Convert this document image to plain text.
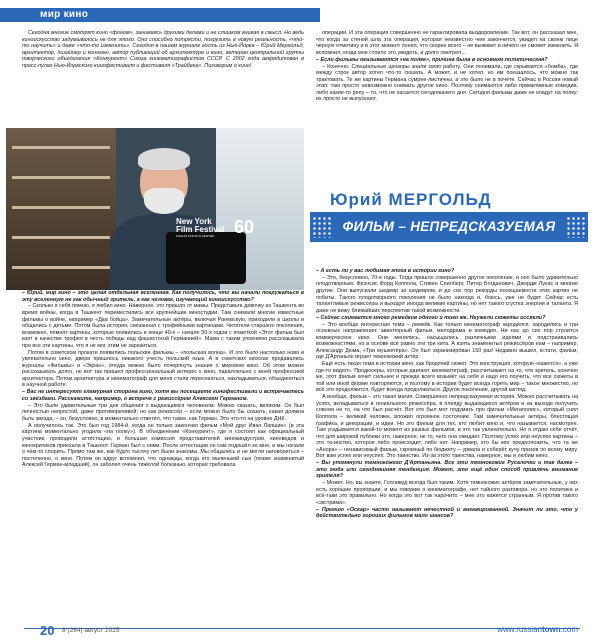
мир кино

Сегодня многие смотрят кино «фоном», занимаясь другими делами и не слишком вникая в смысл. Но ведь киноискусство задумывалось не для этого. Оно способно потрясти, погрузить в новую реальность, «что-то научить» и даже «что-то изменить». Сегодня в нашем журнале гость из Нью-Йорка – Юрий Мерголъд, архитектор, дизайнер и киноман, автор публикаций об архитектуре и кино, ветеран центральной группы творческого объединения «Конкурент» Союза кинематографистов СССР. С 2002 года аккредитован в пресс-пулах Нью-Йоркского кинофестиваля и фестиваля «Трайбека». Поговорим о кино!

операции. И эта операция совершенно не гарантировала выздоровление. Так вот, он рассказал мне, что когда за стеной шла эта операция, которая неизвестно чем закончится, увидел на своем лице черную отметину и в этот момент понял, что скорее всего – не выживет и ничего не сможет изменить. Я вспомнил, когда мне стоило это увидеть, и долго смотрел…

– Если фильмы оказываются «на полке», причина была в основном политическая?

– Конечно. Специальные цензоры знали свою работу. Они понимали, где скрывается «бомба», где между строк автор хотел что-то сказать. А может, и не хотел, но им показалось, что можно так трактовать. Те же картины Германа сумрее-листичны, а это было не в почёте. Сейчас в России новый этап: там просто невозможно снимать другое кино. Поэтому снимаются либо примитивные комедии, либо какие-то репу – то, что не касается сегодняшнего дня. Сегодня фильмы даже не кладут на полку: их просто не выпускают.

New York
Film Festival 60
FILM AT LINCOLN CENTER
Юрий МЕРГОЛЬД
ФИЛЬМ – НЕПРЕДСКАЗУЕМАЯ ИСТОРИЯ

– Юрий, мир кино – это целая отдельная вселенная. Как получилось, что вы начали погружаться в эту вселенную не как обычный зритель, а как человек, изучающий киноискусство?

– Сколько я себя помню, я любил кино. Наверное, это пришло от мамы. Представьте девочку из Ташкента во время войны, когда в Ташкент переместились все крупнейшие киностудии. Там снимали многие известные фильмы о войне, например «Два бойца». Замечательные актёры, включая Раневскую, приходили в школы и общались с детьми. Потом была история, связанная с трофейными картинами. Читатели старшего поколения, возможно, помнят картины, которые появились в конце 40-х – начале 50-х годов с пометкой «Этот фильм был взят в качестве трофея в честь победы над фашистской Германией». Мама с таким упоением рассказывала про все эти картины, что я не мог этим не заразиться.

Потом в советском прокате появились польские фильмы – «польская волна». И это было настолько ново и увлекательно кино, двери пришлось никакого учесть польский язык. А в советских киосках продавались журналы «Фильмы» и «Экран», откуда можно было почерпнуть знания о мировом кино. Об этом можно рассказывать долго, но вот так пришел профессиональный интерес к кино, параллельно с моей профессией архитектора. Потом архитектура и кинематограф для меня стали пересекаться, накладываться, объединяться в научной работе.

– Вас не интересуют гламурная сторона кино, хотя вы посещаете кинофестивали и встречаетесь со звёздами. Расскажите, например, о встрече с режиссёром Алексеем Германом.

– Это были удивительные три дня общения с выдающимся человеком. Можно сказать, великим. Он был личностью непростой, даже противоречивой; но как режиссёр – если можно было бы сказать, какая должна быть звезда, – он, безусловно, в моментально ответил, что такие, как Герман. Это что-то на уровне ДНК.

А получилось так. Это был год 1984-й, когда он только закончил фильм «Мой друг Иван Лапшин» (и эта картина моментально угодила «на полку»). В объединении «Конкурент», где я состоял как официальный участник, проводили аттестацию, и большая комиссия представителей кинокиндустрии, киноведов и кинокритиков приехала в Ташкент. Герман был с ними. После аттестации он сам подошёл ко мне, и мы начали о чём-то спорить. Прямо там же, как будто тысячу лет были знакомы. Мы общались и не могли наговориться – постепенно, о кино. Потом он вдруг вспомнил, что однажды, когда его маленький сын (позже знаменитый Алексей Герман-младший), он заболел очень тяжёлой болезнью, которая требовала

– А есть ли у вас любимая эпоха в истории кино?

– Это, безусловно, 70-е годы. Тогда пришло совершенно другое поколение, и оно было удивительно плодотворным. Фрэнсис Форд Коппола, Стивен Спилберг, Питер Богданович, Джордж Лукас и многие другие. Они выпускали шедевр за шедевром, и до сих пор рекорды посещаемости этих картин не побиты. Такого плодотворного поколения не было никогда и, боюсь, уже не будет. Сейчас есть талантливые режиссёры и выходят иногда великие картины, но нет такого сгустка энергии и таланта. Я даже не вижу ближайших перспектив такой возможности.

– Сейчас снимается много ремейков одного и того же. Неужели сюжеты иссякли?

– Это вообще интересная тема – ремейк. Как только кинематограф зародился, зародились и три основных направления: авантюрный фильм, мелодрама и комедия. Ни нас до сих пор строится коммерческое кино. Они менялись, насыщались различными идеями и подстраивались возможностями, но в основе всё равно эти три кита. А взять знаменитых режиссёров нам – например, Александр Дюма, «Три мушкетёра». Он был экранизирован 150 раз! Недавно вышел, кстати, фильм, где Д'Артаньян играет темнокожий актёр.

Ещё есть такая тема в истории кино, как бродячий сюжет. Это конструкция, которую «кажется», а уже где-то видел». Продюсеры, которые двигают кинематограф, рассчитывают на то, что зритель, конечно же, этот фильм хочет сильнее и прежде всего возьмёт на себя и надо его поучить, что все сюжеты в той или иной форме повторяются, и поэтому в истории будет всегда гореть мир – такое множество, но всё это продолжится, будет всегда продолжаться. Другое поколение, другой взгляд.

А вообще, фильм – это такая магия. Совершенно непредсказуемая история. Можно рассчитывать на успех, вкладываться в гениального режиссёра, в плеяду выдающихся актёров и на выходе получить совсем не то, на что был расчёт. Вот кто был мот подумать про фильм «Мегаполис», который снял Коппола – великий человек, вложил огромное состояние. Там замечательные актёры, блестящая графика, и декорации, и идеи. Но это фильм для тех, кто любит кино и, что называется, насмотрен. Там угадывается какой-то момент из разных фильмов, и это так увлекательно. Но я отдаю себе отчёт, что для широкой публики это, наверное, не то, чего она ожидает. Поэтому успех или неуспех картины – это та-инство, которое либо происходит, либо нет. Например, кто бы мог предположить, что та же «Анора» – независимый фильм, скромный по бюджету – урвала и соберёт кучу призов по всему миру. Вот вам успех или неуспех. Это таинство. Из-за этого таинства, наверное, мы и любим кино.

– Вы упомянули темнокожего Д'Артаньяна. Все эти темнокожие Русалочки и так далее – это мода или сегодняшняя тенденция. Может, это ещё один способ привлечь внимание зрителя?

– Может. Но, вы знаете, Голливуд всегда был таким. Хотя темнокожих актёров замечательные, у них есть хорошие пропорции, и мы говорим о кинематографе, нет тайного разговора, но это политика и всё-таки это правильно. Но когда это вот так нарочито – мне это кажется странным. Я против такого «экстрима».

– Премию «Оскар» часто называют нечестной и ангажированной. Значит ли это, что у действительно хороших фильмов мало шансов?

20 8 (264) август 2025	www.russiantown.com
